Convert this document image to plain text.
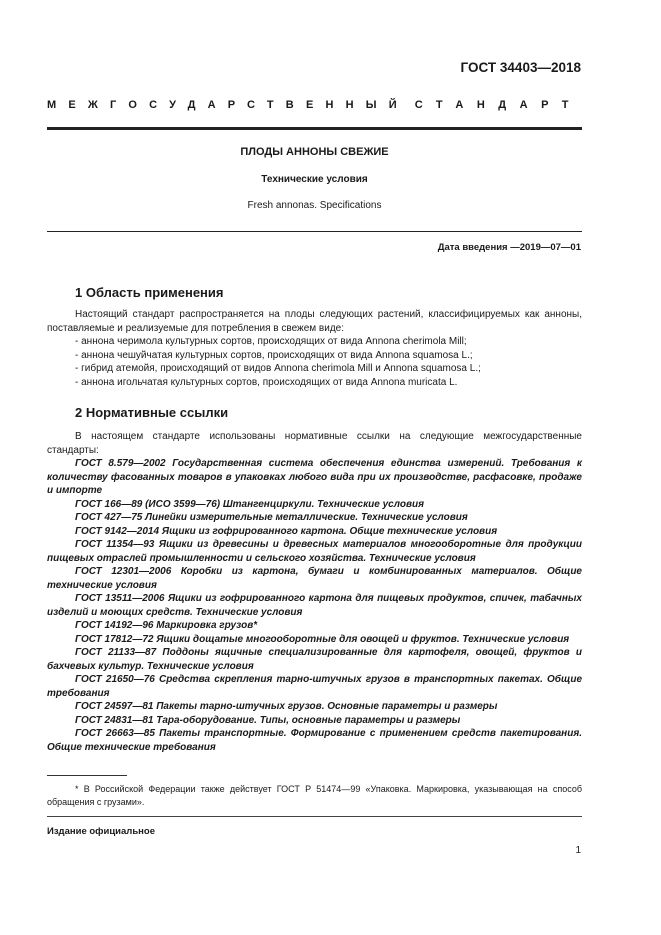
ГОСТ 34403—2018
МЕЖГОСУДАРСТВЕННЫЙ СТАНДАРТ
ПЛОДЫ АННОНЫ СВЕЖИЕ
Технические условия
Fresh annonas. Specifications
Дата введения —2019—07—01
1 Область применения

Настоящий стандарт распространяется на плоды следующих растений, классифицируемых как анноны, поставляемые и реализуемые для потребления в свежем виде:

- аннона черимола культурных сортов, происходящих от вида Annona cherimola Mill;

- аннона чешуйчатая культурных сортов, происходящих от вида Annona squamosa L.;

- гибрид атемойя, происходящий от видов Annona cherimola Mill и Annona squamosa L.;

- аннона игольчатая культурных сортов, происходящих от вида Annona muricata L.

2 Нормативные ссылки

В настоящем стандарте использованы нормативные ссылки на следующие межгосударственные стандарты:

ГОСТ 8.579—2002 Государственная система обеспечения единства измерений. Требования к количеству фасованных товаров в упаковках любого вида при их производстве, расфасовке, продаже и импорте

ГОСТ 166—89 (ИСО 3599—76) Штангенциркули. Технические условия

ГОСТ 427—75 Линейки измерительные металлические. Технические условия

ГОСТ 9142—2014 Ящики из гофрированного картона. Общие технические условия

ГОСТ 11354—93 Ящики из древесины и древесных материалов многооборотные для продукции пищевых отраслей промышленности и сельского хозяйства. Технические условия

ГОСТ 12301—2006 Коробки из картона, бумаги и комбинированных материалов. Общие технические условия

ГОСТ 13511—2006 Ящики из гофрированного картона для пищевых продуктов, спичек, табачных изделий и моющих средств. Технические условия

ГОСТ 14192—96 Маркировка грузов*

ГОСТ 17812—72 Ящики дощатые многооборотные для овощей и фруктов. Технические условия

ГОСТ 21133—87 Поддоны ящичные специализированные для картофеля, овощей, фруктов и бахчевых культур. Технические условия

ГОСТ 21650—76 Средства скрепления тарно-штучных грузов в транспортных пакетах. Общие требования

ГОСТ 24597—81 Пакеты тарно-штучных грузов. Основные параметры и размеры

ГОСТ 24831—81 Тара-оборудование. Типы, основные параметры и размеры

ГОСТ 26663—85 Пакеты транспортные. Формирование с применением средств пакетирования. Общие технические требования

* В Российской Федерации также действует ГОСТ Р 51474—99 «Упаковка. Маркировка, указывающая на способ обращения с грузами».
Издание официальное
1
